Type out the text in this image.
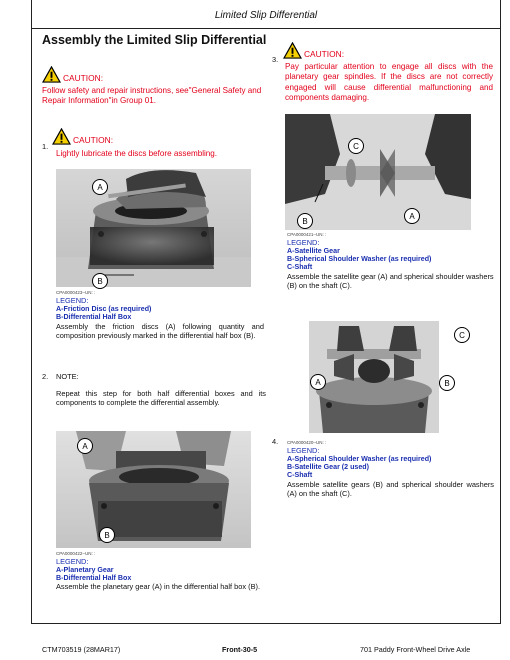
Limited Slip Differential
Assembly the Limited Slip Differential
CAUTION:
Follow safety and repair instructions, see"General Safety and Repair Information"in Group 01.
1.
CAUTION:
Lightly lubricate the discs before assembling.
A
B
CPA0000423–UN: :
LEGEND:
A-Friction Disc (as required)
B-Differential Half Box
Assembly the friction discs (A) following quantity and composition previously marked in the differential half box (B).
2. NOTE:
Repeat this step for both half differential boxes and its components to complete the differential assembly.
A
B
CPA0000422–UN: :
LEGEND:
A-Planetary Gear
B-Differential Half Box
Assemble the planetary gear (A) in the differential half box (B).
3.
CAUTION:
Pay particular attention to engage all discs with the planetary gear spindles. If the discs are not correctly engaged will cause differential malfunctioning and components damaging.
C
B
A
CPA0000421–UN: :
LEGEND:
A-Satellite Gear
B-Spherical Shoulder Washer (as required)
C-Shaft
Assemble the satellite gear (A) and spherical shoulder washers (B) on the shaft (C).
C
A	B
4. CPA0000420–UN: :
LEGEND:
A-Spherical Shoulder Washer (as required)
B-Satellite Gear (2 used)
C-Shaft
Assemble satellite gears (B) and spherical shoulder washers (A) on the shaft (C).
CTM703519 (28MAR17)	Front-30-5	701 Paddy Front-Wheel Drive Axle
